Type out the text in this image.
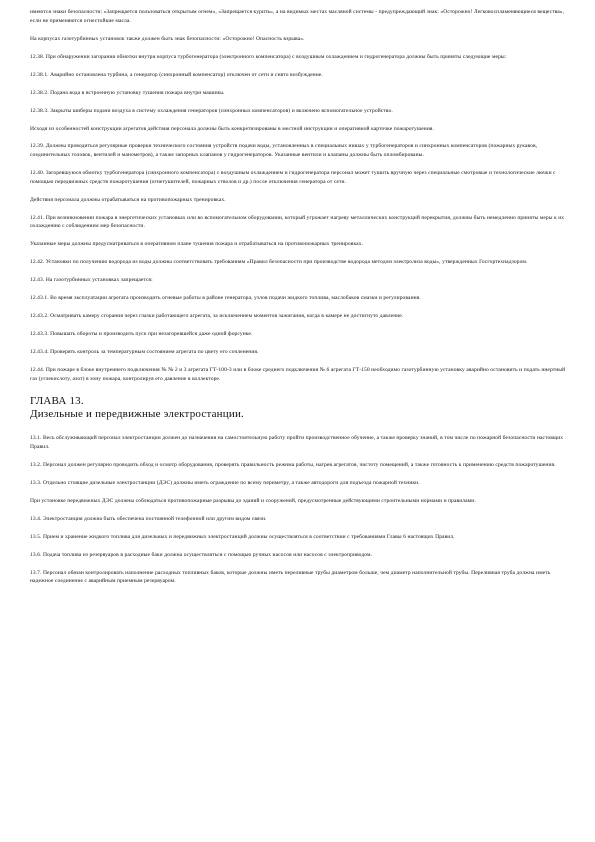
имеются знаки безопасности: «Запрещается пользоваться открытым огнем», «Запрещается курить», а на видимых местах масляной системы - предупреждающий знак: «Осторожно! Легковоспламеняющиеся вещества», если не применяются огнестойкие масла.

На корпусах газотурбинных установок также должен быть знак безопасности: «Осторожно! Опасность взрыва».

12.38. При обнаружении загорания обмотки внутри корпуса турбогенератора (электронного компенсатора) с воздушным охлаждением и гидрогенератора должны быть приняты следующие меры:

12.38.1. Аварийно остановлена турбина, а генератор (синхронный компенсатор) отключен от сети и снято возбуждение.

12.38.2. Подана вода в встроенную установку тушения пожара внутри машины.

12.38.3. Закрыты шиберы подачи воздуха в систему охлаждения генераторов (синхронных компенсаторов) и включено вспомогательное устройство.

Исходя из особенностей конструкции агрегатов действия персонала должны быть конкретизированы в местной инструкции и оперативной карточке пожаротушения.

12.39. Должны проводиться регулярные проверки технического состояния устройств подачи воды, установленных в специальных нишах у турбогенераторов и синхронных компенсаторов (пожарных рукавов, соединительных головок, вентилей и манометров), а также запорных клапанов у гидрогенераторов. Указанные вентили и клапаны должны быть опломбированы.

12.40. Загоревшуюся обмотку турбогенератора (синхронного компенсатора) с воздушным охлаждением и гидрогенератора персонал может тушить вручную через специальные смотровые и технологические лючки с помощью передвижных средств пожаротушения (огнетушителей, пожарных стволов и др.) после отключения генератора от сети.

Действия персонала должны отрабатываться на противопожарных тренировках.

12.41. При возникновении пожара в энергетических установках или во вспомогательном оборудовании, который угрожает нагреву металлических конструкций перекрытия, должны быть немедленно приняты меры к их охлаждению с соблюдением мер безопасности.

Указанные меры должны предусматриваться в оперативном плане тушения пожара и отрабатываться на противопожарных тренировках.

12.42. Установки по получению водорода из воды должны соответствовать требованиям «Правил безопасности при производстве водорода методом электролиза воды», утвержденных Госгортехнадзором.

12.43. На газотурбинных установках запрещается:

12.43.1. Во время эксплуатации агрегата производить огневые работы в районе генератора, узлов подачи жидкого топлива, маслобаков смазки и регулирования.

12.43.2. Осматривать камеру сгорания через глазки работающего агрегата, за исключением моментов зажигания, когда в камере не достигнуто давление.

12.43.3. Повышать обороты и производить пуск при незагоревшейся даже одной форсунке.

12.43.4. Проверять контроль за температурным состоянием агрегата по цвету его сочленения.

12.44. При пожаре в блоке внутреннего подключения № № 2 и 3 агрегата ГТ-100-3 или в блоке среднего подключения № 6 агрегата ГТ-150 необходимо газотурбинную установку аварийно остановить и подать инертный газ (углекислоту, азот) в зону пожара, контролируя его давление в коллекторе.

ГЛАВА 13.
Дизельные и передвижные электростанции.

13.1. Весь обслуживающий персонал электростанции должен до назначения на самостоятельную работу пройти производственное обучение, а также проверку знаний, в том числе по пожарной безопасности настоящих Правил.

13.2. Персонал должен регулярно проводить обход и осмотр оборудования, проверять правильность режима работы, нагрев агрегатов, чистоту помещений, а также готовность к применению средств пожаротушения.

13.3. Отдельно стоящие дизельные электростанции (ДЭС) должны иметь ограждение по всему периметру, а также автодороги для подъезда пожарной техники.

При установке передвижных ДЭС должны соблюдаться противопожарные разрывы до зданий и сооружений, предусмотренные действующими строительными нормами и правилами.

13.4. Электростанция должна быть обеспечена постоянной телефонной или другим видом связи.

13.5. Прием и хранение жидкого топлива для дизельных и передвижных электростанций должны осуществляться в соответствии с требованиями Главы 6 настоящих Правил.

13.6. Подача топлива из резервуаров в расходные баки должна осуществляться с помощью ручных насосов или насосов с электроприводом.

13.7. Персонал обязан контролировать наполнение расходных топливных баков, которые должны иметь переливные трубы диаметром больше, чем диаметр наполнительной трубы. Переливная труба должна иметь надежное соединение с аварийным приемным резервуаром.
